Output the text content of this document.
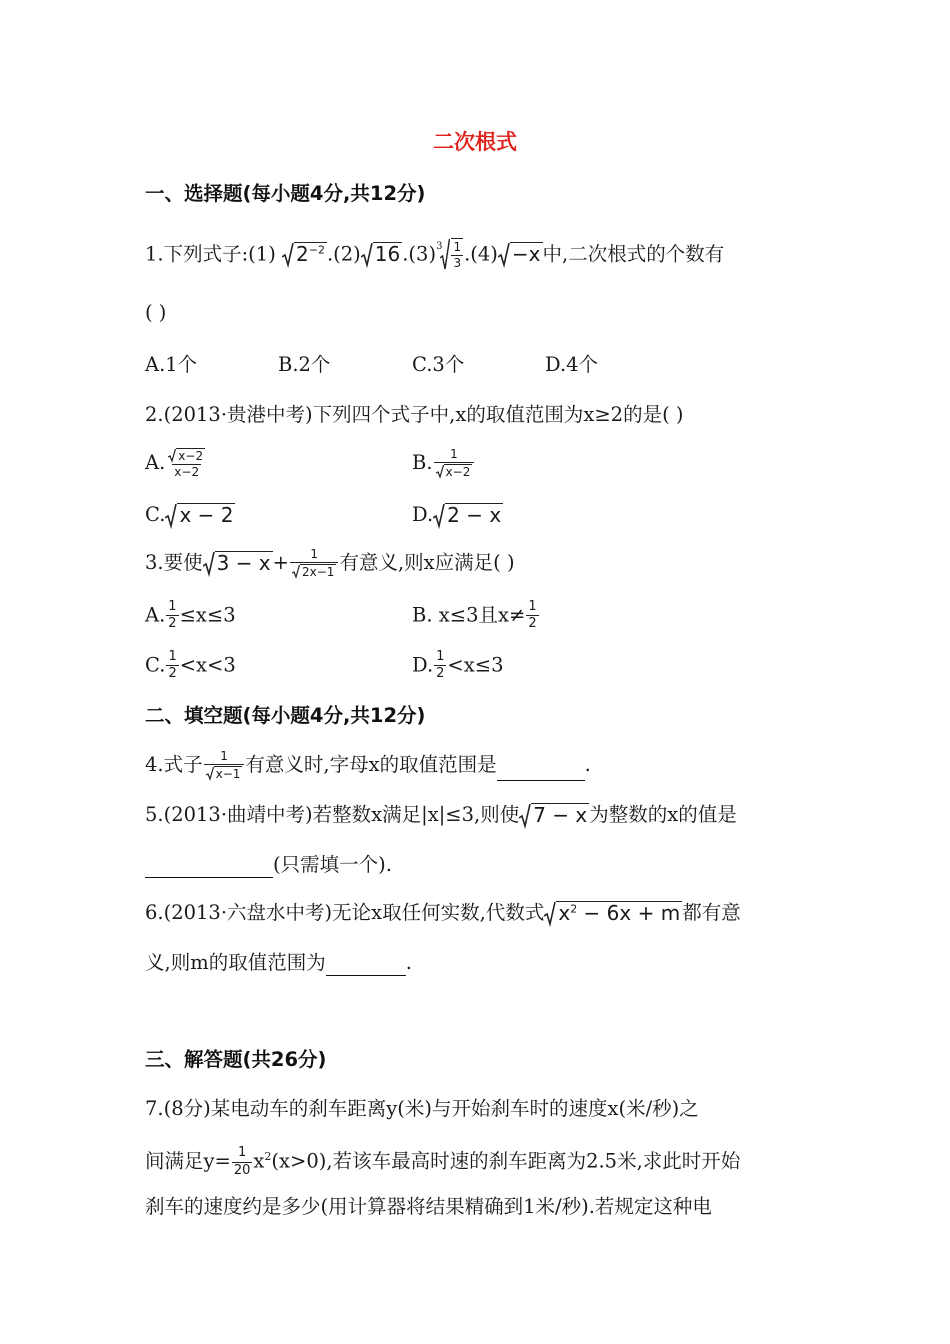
二次根式
一、选择题(每小题4分,共12分)
1.下列式子:(1) $2^{-2}$ .(2) 16 .(3) $3 \frac{1}{3} .(4) -x$ 中,二次根式的个数有
( )
A.1个	B.2个	C.3个	D.4个
2.(2013·贵港中考)下列四个式子中,x的取值范围为x≥2的是( )
A. $\frac{x-2}{x-2}$	B. $\frac{1}{x-2}$
C. x − 2	D. 2 − x
3.要使 $3 - x + \frac{1}{2x-1}$ 有意义,则x应满足( )
A. $\frac{1}{2} \le x\le 3$	B. x≤3且$x\ne \frac{1}{2}$
C. $\frac{1}{2} <x<3$	D. $\frac{1}{2} <x\le 3$
二、填空题(每小题4分,共12分)
4.式子 $\frac{1}{x-1}$ 有意义时,字母x的取值范围是	.
5.(2013·曲靖中考)若整数x满足|x|≤3,则使 7 − x 为整数的x的值是
(只需填一个).
6.(2013·六盘水中考)无论x取任何实数,代数式 $x^2 - 6x + m$ 都有意
义,则m的取值范围为	.
三、解答题(共26分)
7.(8分)某电动车的刹车距离y(米)与开始刹车时的速度x(米/秒)之
间满足$y= \frac{1}{20} x^2(x>0)$,若该车最高时速的刹车距离为2.5米,求此时开始
刹车的速度约是多少(用计算器将结果精确到1米/秒).若规定这种电
